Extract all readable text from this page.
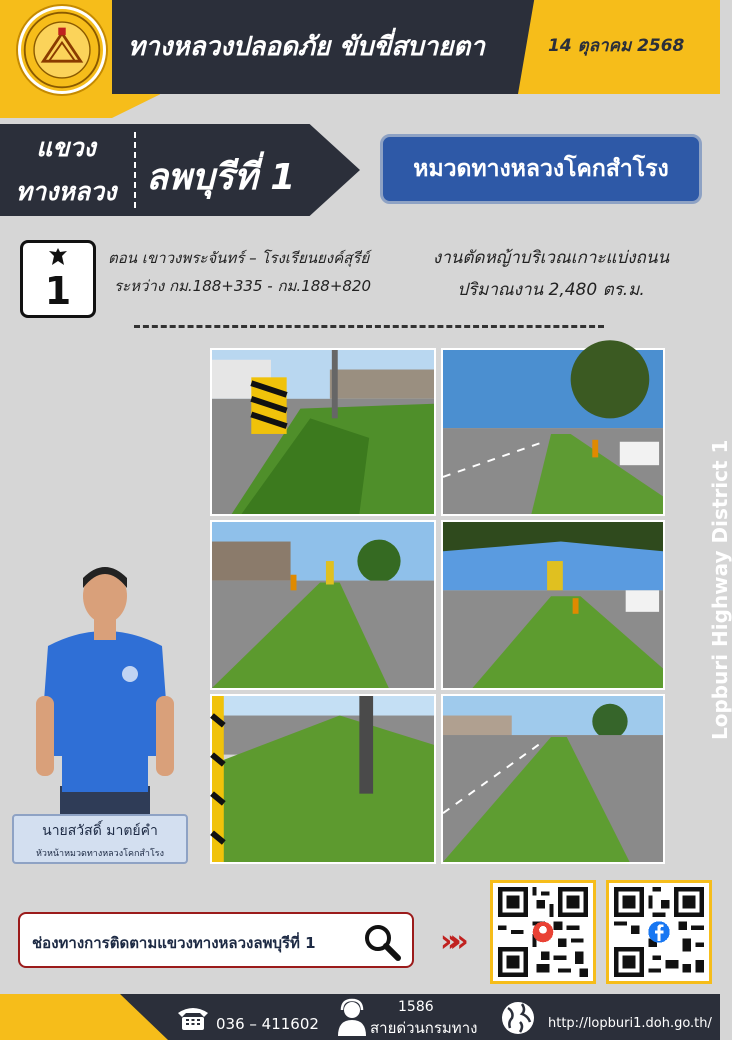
ทางหลวงปลอดภัย ขับขี่สบายตา	14 ตุลาคม 2568
แขวง
ทางหลวง ลพบุรีที่ 1	หมวดทางหลวงโคกสำโรง
1
ตอน เขาวงพระจันทร์ – โรงเรียนยงค์สุรีย์
ระหว่าง กม.188+335 - กม.188+820
งานตัดหญ้าบริเวณเกาะแบ่งถนน
ปริมาณงาน 2,480 ตร.ม.
Lopburi Highway District 1
นายสวัสดิ์ มาตย์คำ
หัวหน้าหมวดทางหลวงโคกสำโรง
ช่องทางการติดตามแขวงทางหลวงลพบุรีที่ 1	»»
036 – 411602
1586
สายด่วนกรมทาง	http://lopburi1.doh.go.th/
